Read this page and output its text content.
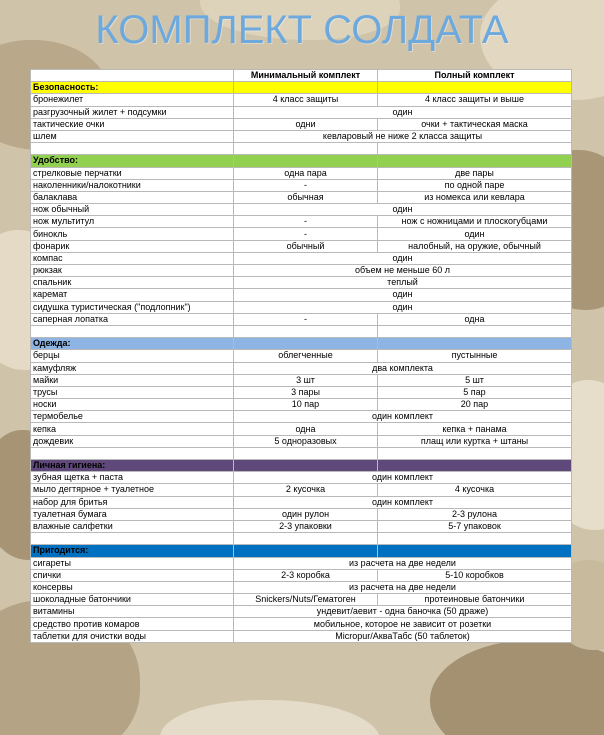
КОМПЛЕКТ СОЛДАТА
	Минимальный комплект	Полный комплект
Безопасность:		
бронежилет	4 класс защиты	4 класс защиты и выше
разгрузочный жилет + подсумки	один	
тактические очки	одни	очки + тактическая маска
шлем	кевларовый не ниже 2 класса защиты	

Удобство:		
стрелковые перчатки	одна пара	две пары
наколенники/налокотники	-	по одной паре
балаклава	обычная	из номекса или кевлара
нож обычный	один	
нож мультитул	-	нож с ножницами и плоскогубцами
бинокль	-	один
фонарик	обычный	налобный, на оружие, обычный
компас	один	
рюкзак	объем не меньше 60 л	
спальник	теплый	
каремат	один	
сидушка туристическая ("подлопник")	один	
саперная лопатка	-	одна

Одежда:		
берцы	облегченные	пустынные
камуфляж	два комплекта	
майки	3 шт	5 шт
трусы	3 пары	5 пар
носки	10 пар	20 пар
термобелье	один комплект	
кепка	одна	кепка + панама
дождевик	5 одноразовых	плащ или куртка + штаны

Личная гигиена:		
зубная щетка + паста	один комплект	
мыло дегтярное + туалетное	2 кусочка	4 кусочка
набор для бритья	один комплект	
туалетная бумага	один рулон	2-3 рулона
влажные салфетки	2-3 упаковки	5-7 упаковок

Пригодится:		
сигареты	из расчета на две недели	
спички	2-3 коробка	5-10 коробков
консервы	из расчета на две недели	
шоколадные батончики	Snickers/Nuts/Гематоген	протеиновые батончики
витамины	ундевит/аевит - одна баночка (50 драже)	
средство против комаров	мобильное, которое не зависит от розетки	
таблетки для очистки воды	Micropur/АкваТабс (50 таблеток)	
